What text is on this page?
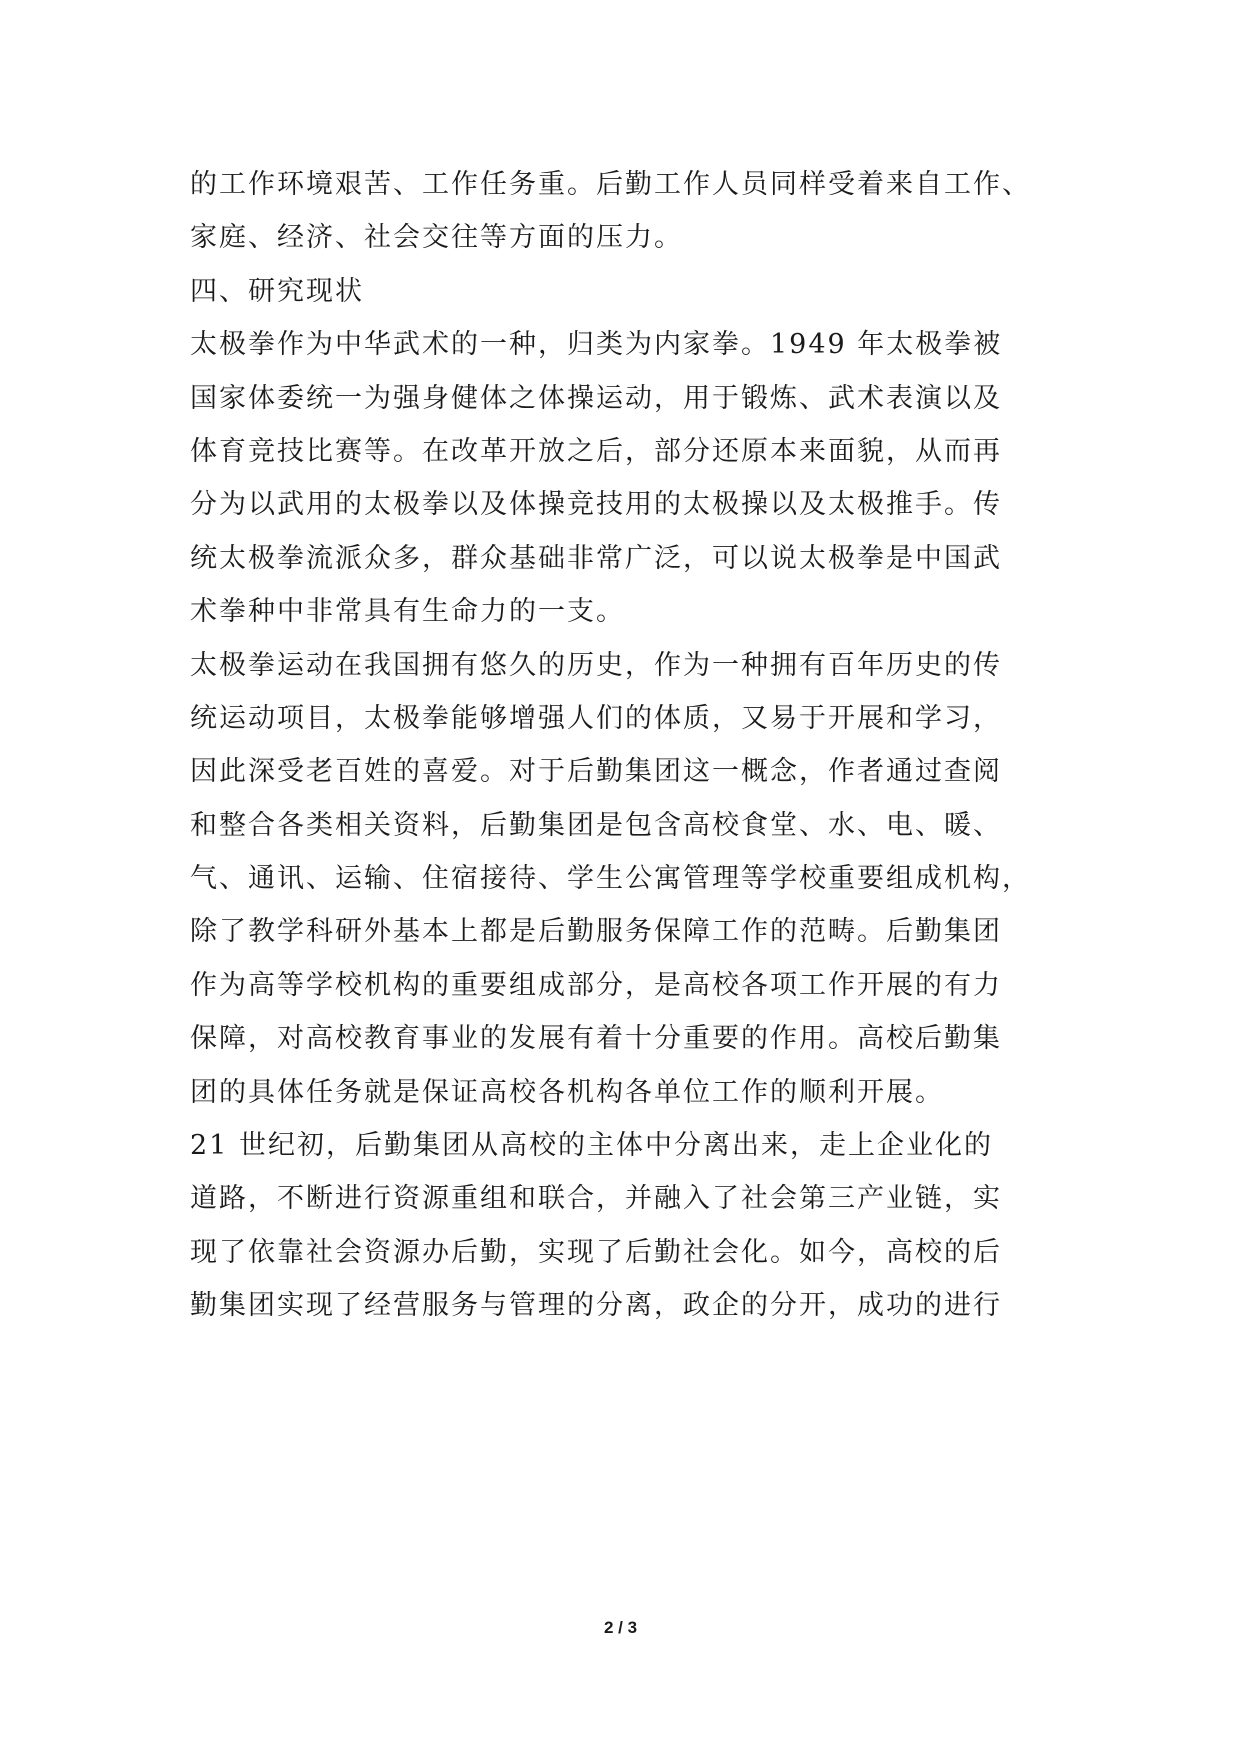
的工作环境艰苦、工作任务重。后勤工作人员同样受着来自工作、
家庭、经济、社会交往等方面的压力。
四、研究现状
太极拳作为中华武术的一种，归类为内家拳。1949 年太极拳被
国家体委统一为强身健体之体操运动，用于锻炼、武术表演以及
体育竞技比赛等。在改革开放之后，部分还原本来面貌，从而再
分为以武用的太极拳以及体操竞技用的太极操以及太极推手。传
统太极拳流派众多，群众基础非常广泛，可以说太极拳是中国武
术拳种中非常具有生命力的一支。
太极拳运动在我国拥有悠久的历史，作为一种拥有百年历史的传
统运动项目，太极拳能够增强人们的体质，又易于开展和学习，
因此深受老百姓的喜爱。对于后勤集团这一概念，作者通过查阅
和整合各类相关资料，后勤集团是包含高校食堂、水、电、暖、
气、通讯、运输、住宿接待、学生公寓管理等学校重要组成机构，
除了教学科研外基本上都是后勤服务保障工作的范畴。后勤集团
作为高等学校机构的重要组成部分，是高校各项工作开展的有力
保障，对高校教育事业的发展有着十分重要的作用。高校后勤集
团的具体任务就是保证高校各机构各单位工作的顺利开展。
21 世纪初，后勤集团从高校的主体中分离出来，走上企业化的
道路，不断进行资源重组和联合，并融入了社会第三产业链，实
现了依靠社会资源办后勤，实现了后勤社会化。如今，高校的后
勤集团实现了经营服务与管理的分离，政企的分开，成功的进行
2 / 3
